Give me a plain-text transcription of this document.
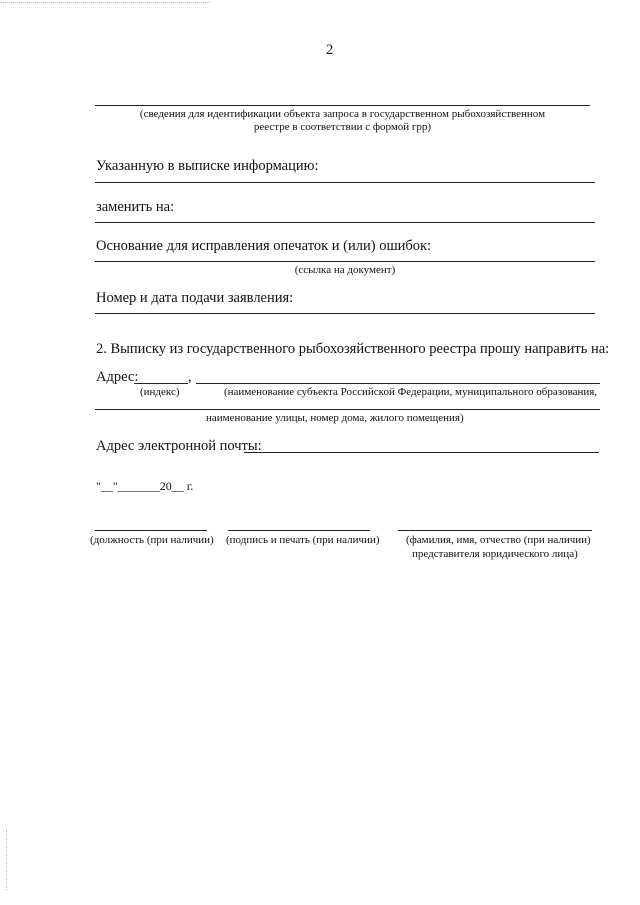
2
(сведения для идентификации объекта запроса в государственном рыбохозяйственном
реестре в соответствии с формой грр)
Указанную в выписке информацию:
заменить на:
Основание для исправления опечаток и (или) ошибок:
(ссылка на документ)
Номер и дата подачи заявления:
2. Выписку из государственного рыбохозяйственного реестра прошу направить на:
Адрес:	,
(индекс)	(наименование субъекта Российской Федерации, муниципального образования,
наименование улицы, номер дома, жилого помещения)
Адрес электронной почты:
"__"_______20__ г.
(должность (при наличии) (подпись и печать (при наличии) (фамилия, имя, отчество (при наличии)
представителя юридического лица)
